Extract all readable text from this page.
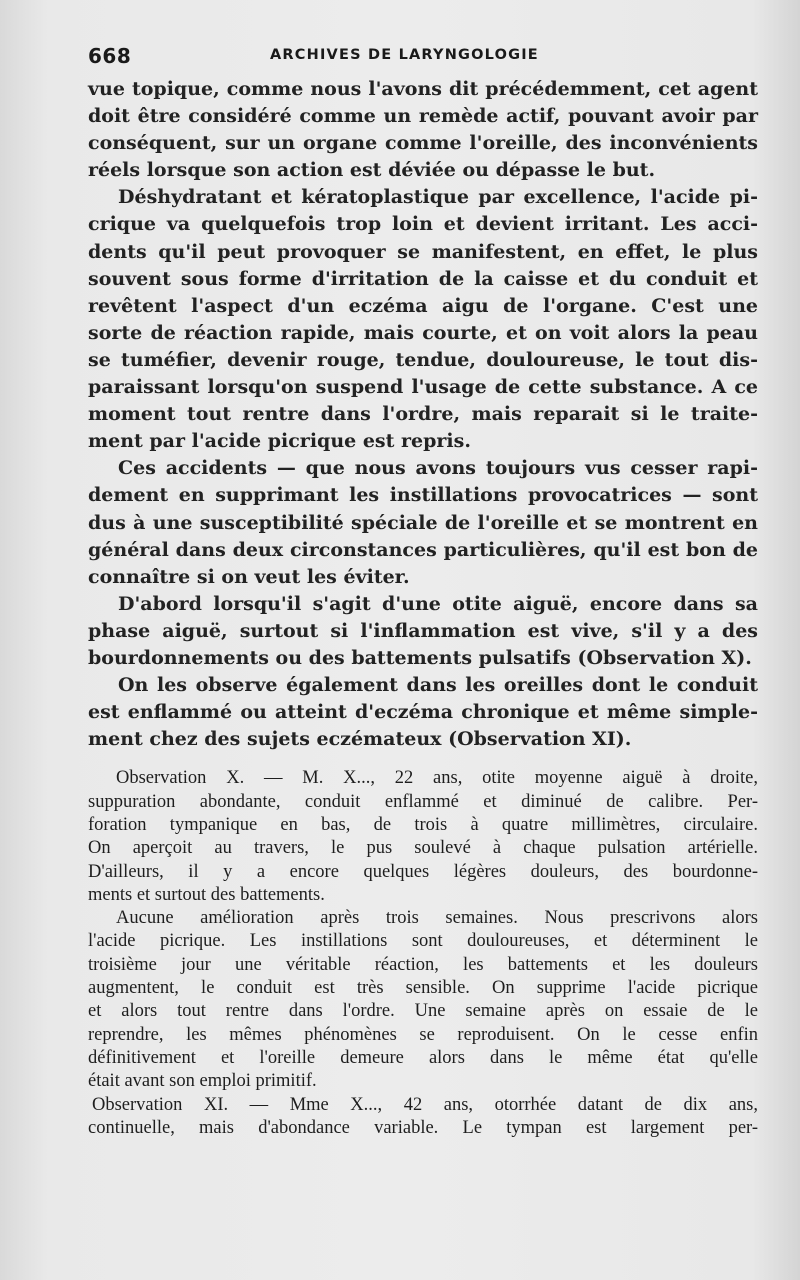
668	ARCHIVES DE LARYNGOLOGIE

vue topique, comme nous l'avons dit précédemment, cet agent
doit être considéré comme un remède actif, pouvant avoir par
conséquent, sur un organe comme l'oreille, des inconvénients
réels lorsque son action est déviée ou dépasse le but.

Déshydratant et kératoplastique par excellence, l'acide pi-
crique va quelquefois trop loin et devient irritant. Les acci-
dents qu'il peut provoquer se manifestent, en effet, le plus
souvent sous forme d'irritation de la caisse et du conduit et
revêtent l'aspect d'un eczéma aigu de l'organe. C'est une
sorte de réaction rapide, mais courte, et on voit alors la peau
se tuméfier, devenir rouge, tendue, douloureuse, le tout dis-
paraissant lorsqu'on suspend l'usage de cette substance. A ce
moment tout rentre dans l'ordre, mais reparait si le traite-
ment par l'acide picrique est repris.

Ces accidents — que nous avons toujours vus cesser rapi-
dement en supprimant les instillations provocatrices — sont
dus à une susceptibilité spéciale de l'oreille et se montrent en
général dans deux circonstances particulières, qu'il est bon de
connaître si on veut les éviter.

D'abord lorsqu'il s'agit d'une otite aiguë, encore dans sa
phase aiguë, surtout si l'inflammation est vive, s'il y a des
bourdonnements ou des battements pulsatifs (Observation X).

On les observe également dans les oreilles dont le conduit
est enflammé ou atteint d'eczéma chronique et même simple-
ment chez des sujets eczémateux (Observation XI).

Observation X. — M. X..., 22 ans, otite moyenne aiguë à droite,
suppuration abondante, conduit enflammé et diminué de calibre. Per-
foration tympanique en bas, de trois à quatre millimètres, circulaire.
On aperçoit au travers, le pus soulevé à chaque pulsation artérielle.
D'ailleurs, il y a encore quelques légères douleurs, des bourdonne-
ments et surtout des battements.

Aucune amélioration après trois semaines. Nous prescrivons alors
l'acide picrique. Les instillations sont douloureuses, et déterminent le
troisième jour une véritable réaction, les battements et les douleurs
augmentent, le conduit est très sensible. On supprime l'acide picrique
et alors tout rentre dans l'ordre. Une semaine après on essaie de le
reprendre, les mêmes phénomènes se reproduisent. On le cesse enfin
définitivement et l'oreille demeure alors dans le même état qu'elle
était avant son emploi primitif.

Observation XI. — Mme X..., 42 ans, otorrhée datant de dix ans,
continuelle, mais d'abondance variable. Le tympan est largement per-
